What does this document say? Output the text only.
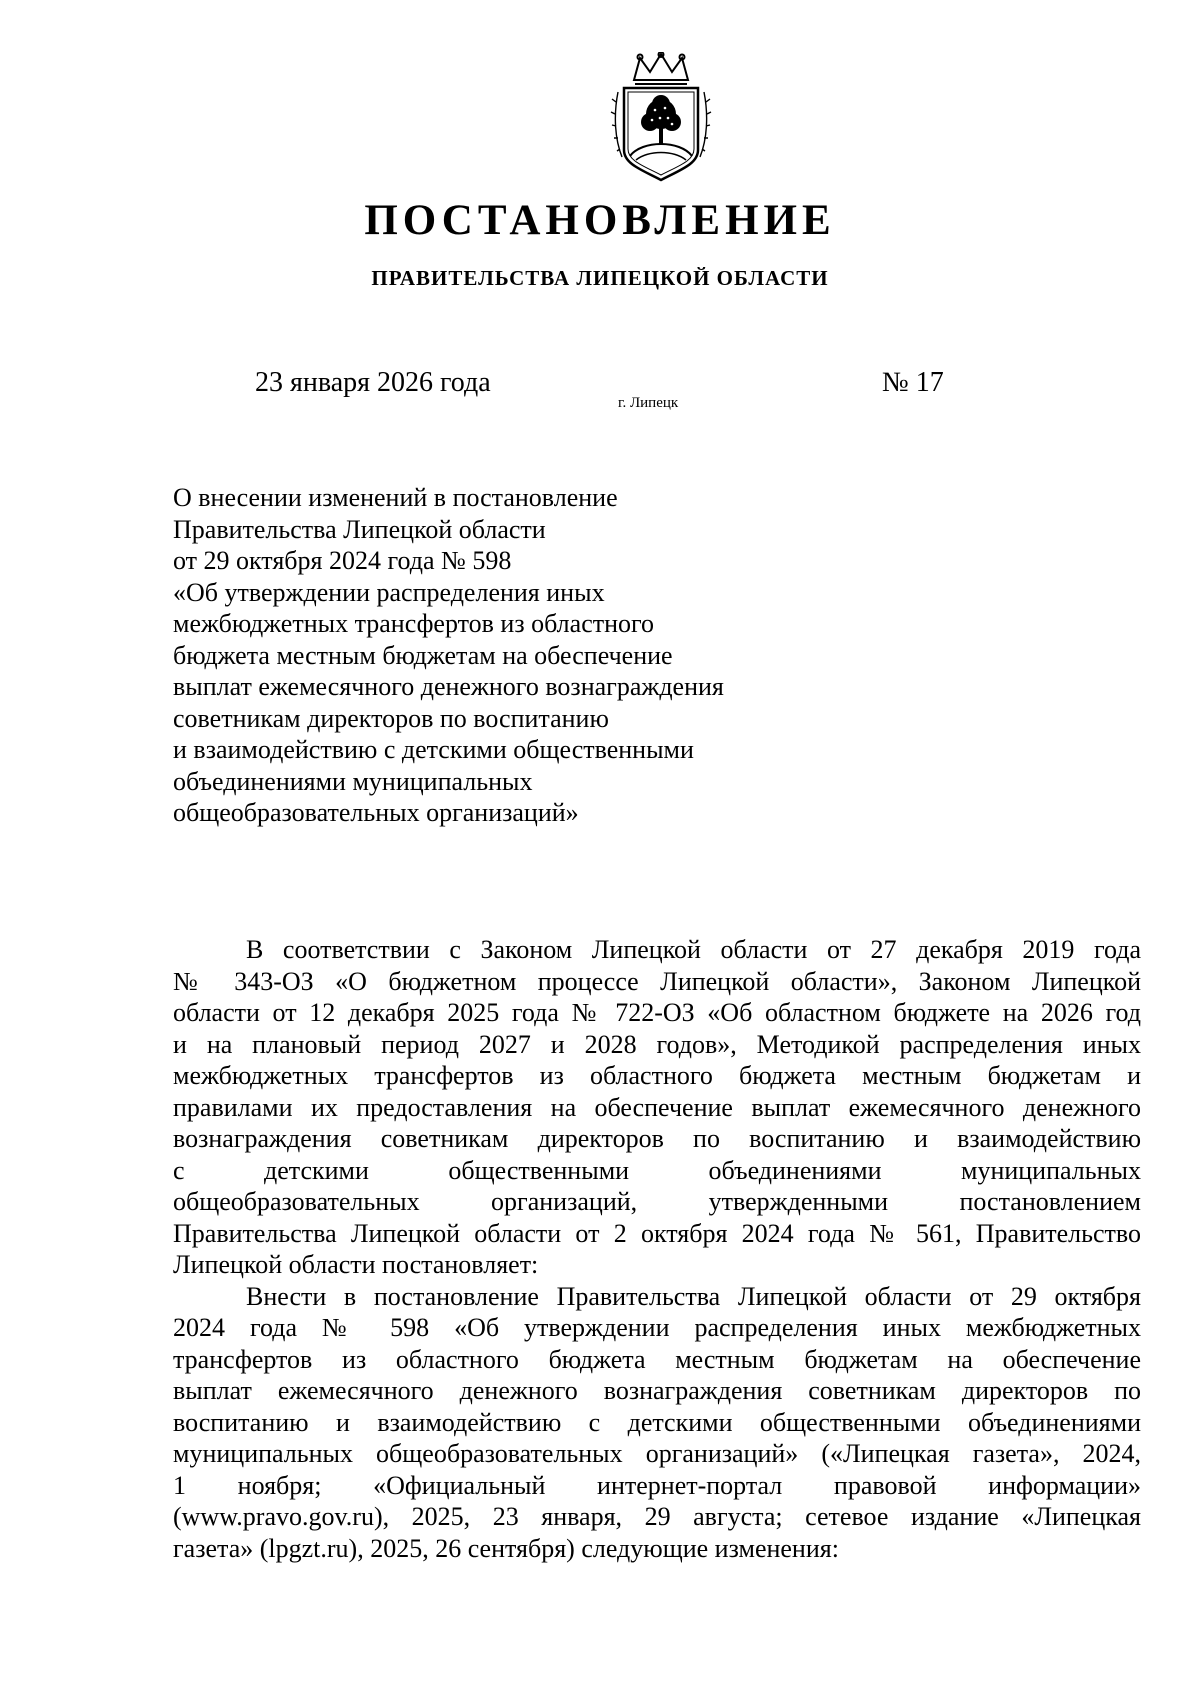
ПОСТАНОВЛЕНИЕ
ПРАВИТЕЛЬСТВА ЛИПЕЦКОЙ ОБЛАСТИ
23 января 2026 года
г. Липецк
№ 17
О внесении изменений в постановление
Правительства Липецкой области
от 29 октября 2024 года № 598
«Об утверждении распределения иных
межбюджетных трансфертов из областного
бюджета местным бюджетам на обеспечение
выплат ежемесячного денежного вознаграждения
советникам директоров по воспитанию
и взаимодействию с детскими общественными
объединениями муниципальных
общеобразовательных организаций»
В соответствии с Законом Липецкой области от 27 декабря 2019 года
№ 343-ОЗ «О бюджетном процессе Липецкой области», Законом Липецкой
области от 12 декабря 2025 года № 722-ОЗ «Об областном бюджете на 2026 год
и на плановый период 2027 и 2028 годов», Методикой распределения иных
межбюджетных трансфертов из областного бюджета местным бюджетам и
правилами их предоставления на обеспечение выплат ежемесячного денежного
вознаграждения советникам директоров по воспитанию и взаимодействию
с детскими общественными объединениями муниципальных
общеобразовательных организаций, утвержденными постановлением
Правительства Липецкой области от 2 октября 2024 года № 561, Правительство
Липецкой области постановляет:
Внести в постановление Правительства Липецкой области от 29 октября
2024 года № 598 «Об утверждении распределения иных межбюджетных
трансфертов из областного бюджета местным бюджетам на обеспечение
выплат ежемесячного денежного вознаграждения советникам директоров по
воспитанию и взаимодействию с детскими общественными объединениями
муниципальных общеобразовательных организаций» («Липецкая газета», 2024,
1 ноября; «Официальный интернет-портал правовой информации»
(www.pravo.gov.ru), 2025, 23 января, 29 августа; сетевое издание «Липецкая
газета» (lpgzt.ru), 2025, 26 сентября) следующие изменения:
